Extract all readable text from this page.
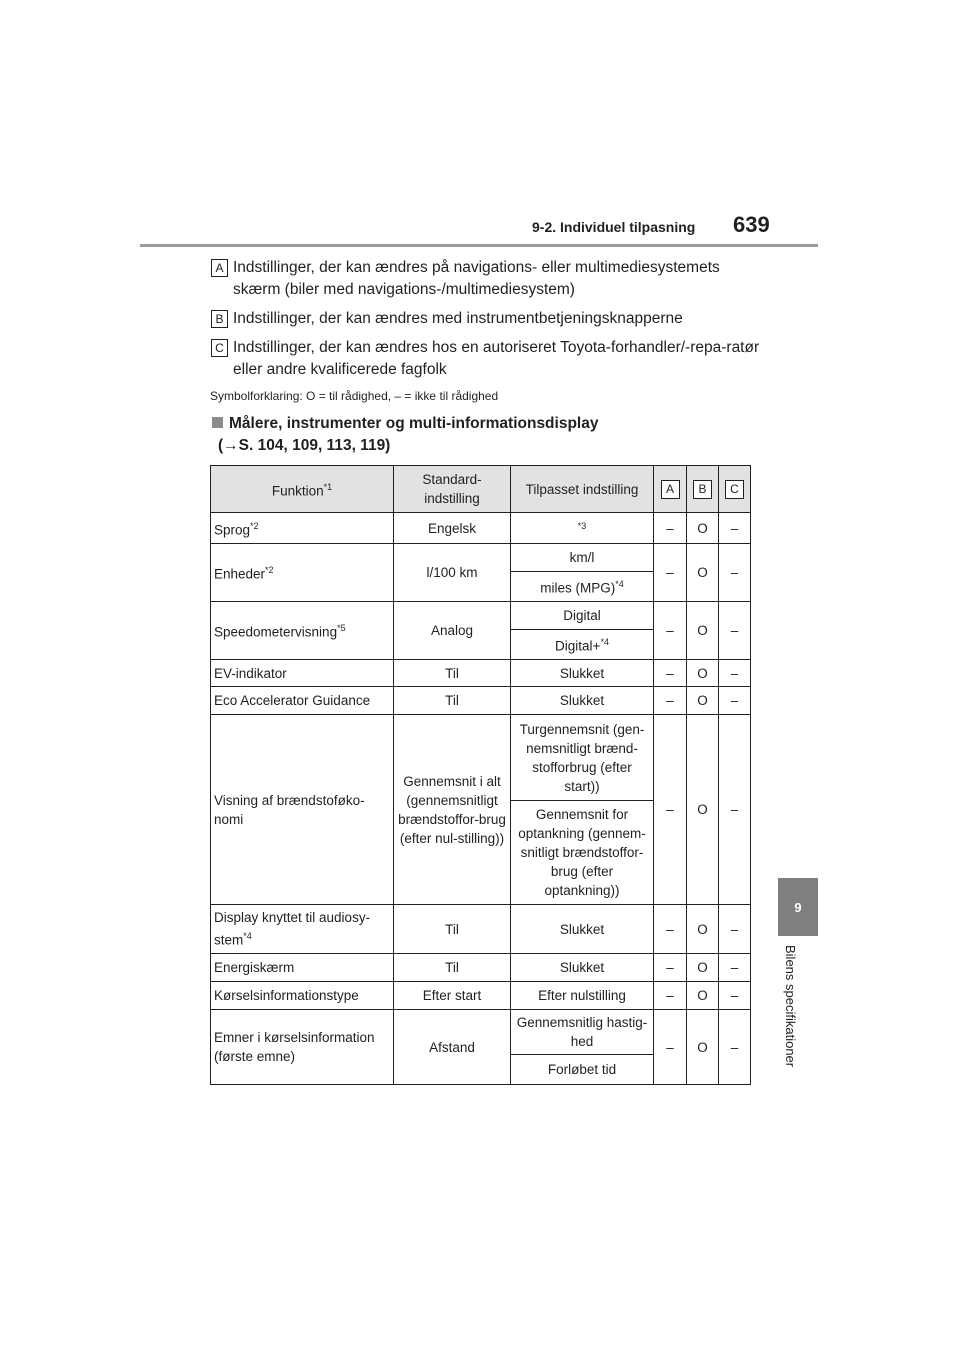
9-2. Individuel tilpasning 639
9
Bilens specifikationer
A Indstillinger, der kan ændres på navigations- eller multimediesystemets skærm (biler med navigations-/multimediesystem)
B Indstillinger, der kan ændres med instrumentbetjeningsknapperne
C Indstillinger, der kan ændres hos en autoriseret Toyota-forhandler/-repa-ratør eller andre kvalificerede fagfolk
Symbolforklaring: O = til rådighed, – = ikke til rådighed
Målere, instrumenter og multi-informationsdisplay
(→S. 104, 109, 113, 119)
Funktion$^{*1}$	Standard-indstilling	Tilpasset indstilling	A	B	C
Sprog$^{*2}$	Engelsk	$^{*3}$	–	O	–
Enheder$^{*2}$	l/100 km	km/l	–	O	–
		miles (MPG)$^{*4}$
Speedometervisning$^{*5}$	Analog	Digital	–	O	–
		Digital+$^{*4}$
EV-indikator	Til	Slukket	–	O	–
Eco Accelerator Guidance	Til	Slukket	–	O	–
Visning af brændstoføko-nomi	Gennemsnit i alt (gennemsnitligt brændstoffor-brug (efter nul-stilling))	Turgennemsnit (gen-nemsnitligt brænd-stofforbrug (efter start))	–	O	–
		Gennemsnit for optankning (gennem-snitligt brændstoffor-brug (efter optankning))			
Display knyttet til audiosy-stem$^{*4}$	Til	Slukket	–	O	–
Energiskærm	Til	Slukket	–	O	–
Kørselsinformationstype	Efter start	Efter nulstilling	–	O	–
Emner i kørselsinformation (første emne)	Afstand	Gennemsnitlig hastig-hed	–	O	–
		Forløbet tid			
